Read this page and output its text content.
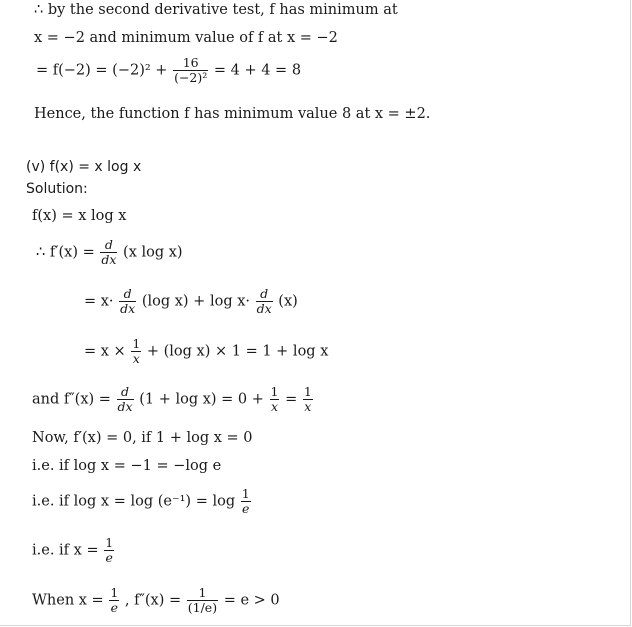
∴ by the second derivative test, f has minimum at
x = −2 and minimum value of f at x = −2
= $f(-2) = (-2)^2 + \frac{16}{\text{(−2)²}} = 4 + 4 = 8$
Hence, the function f has minimum value 8 at x = ±2.
(v) f(x) = x log x
Solution:
f(x) = x log x
∴ $f'(x) = \frac{d}{dx} (x$ log x)
= $x\cdot \frac{d}{dx} (\log$ $x) + \log x\cdot \frac{d}{dx} (x)$
= $x \times \frac{1}{x} + (\log$ x) × 1 = 1 + log x
and $f''(x) = \frac{d}{dx} (1 + \log x) = 0 + \frac{1}{x} = \frac{1}{x}$
Now, f′(x) = 0, if 1 + log x = 0
i.e. if log x = −1 = −log e
i.e. if $\log x = \log (e^{-1}) = \log \frac{1}{e}$
i.e. if $x = \frac{1}{e}$
When $x = \frac{1}{e}$ , $f''(x) = \frac{1}{(1/e)} = e > 0$
